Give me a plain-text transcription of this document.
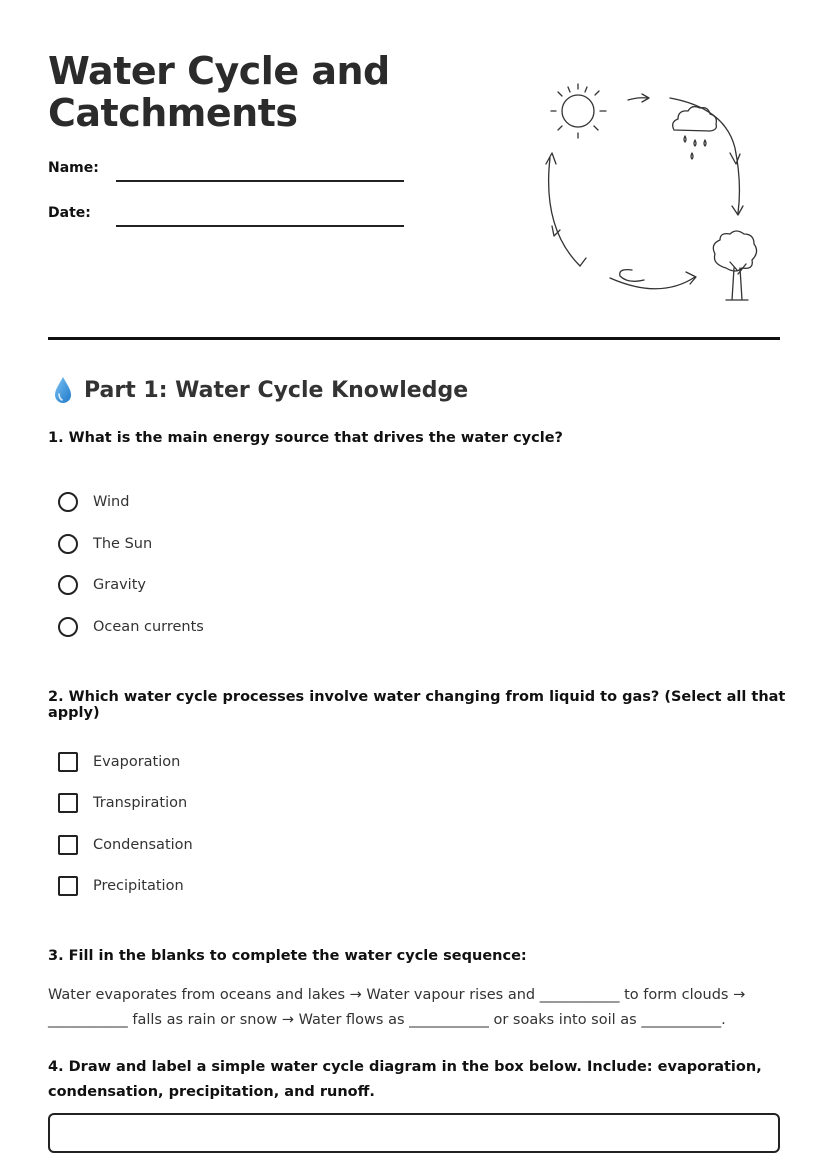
Water Cycle and
Catchments
Name:
Date:
Part 1: Water Cycle Knowledge
1. What is the main energy source that drives the water cycle?
Wind
The Sun
Gravity
Ocean currents
2. Which water cycle processes involve water changing from liquid to gas? (Select all that apply)
Evaporation
Transpiration
Condensation
Precipitation
3. Fill in the blanks to complete the water cycle sequence:
Water evaporates from oceans and lakes → Water vapour rises and ___________ to form clouds →
___________ falls as rain or snow → Water flows as ___________ or soaks into soil as ___________.
4. Draw and label a simple water cycle diagram in the box below. Include: evaporation,
condensation, precipitation, and runoff.
